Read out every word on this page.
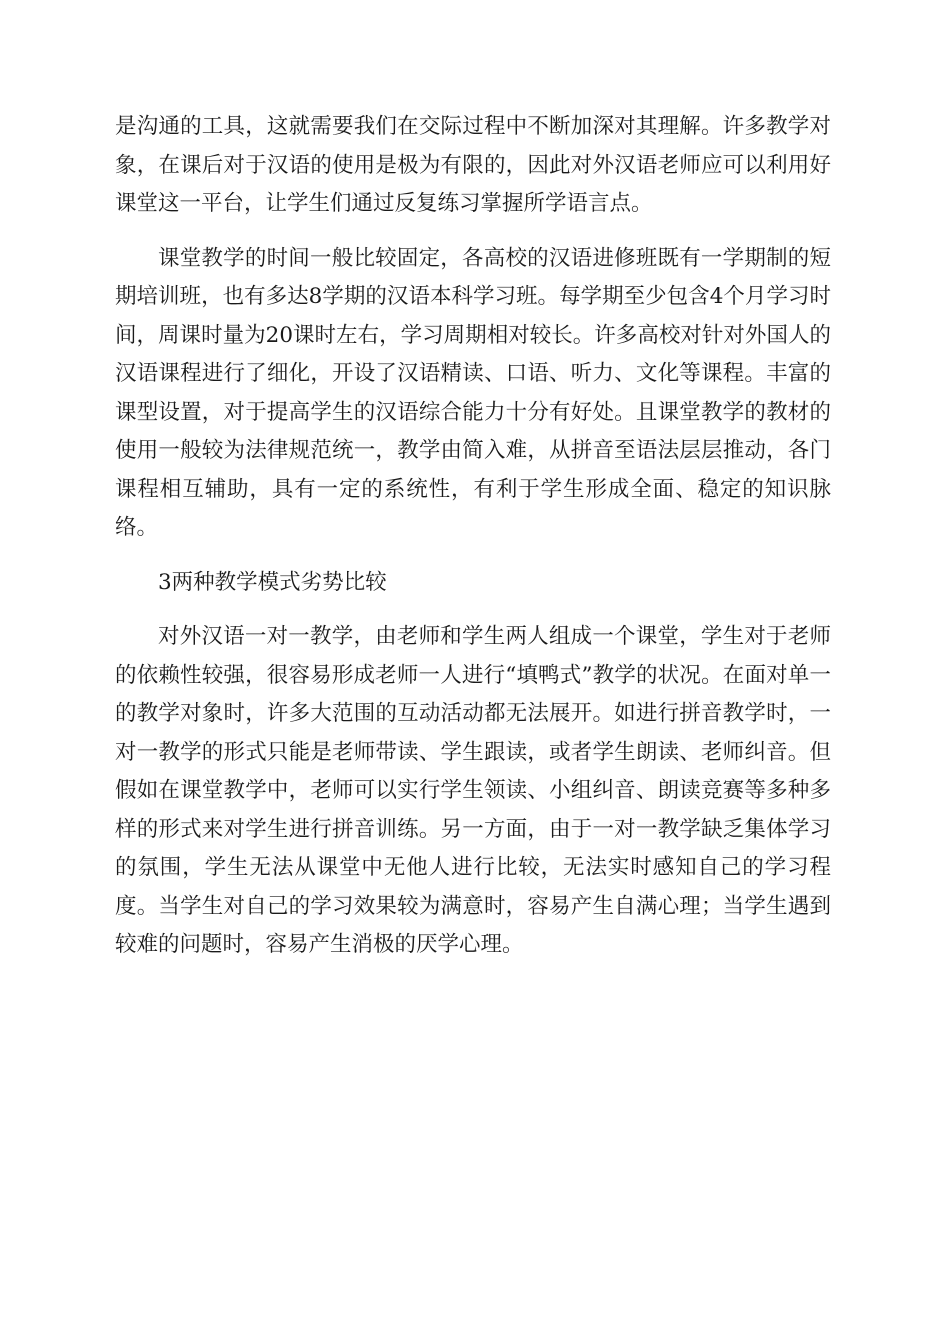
是沟通的工具，这就需要我们在交际过程中不断加深对其理解。许多教学对象，在课后对于汉语的使用是极为有限的，因此对外汉语老师应可以利用好课堂这一平台，让学生们通过反复练习掌握所学语言点。

课堂教学的时间一般比较固定，各高校的汉语进修班既有一学期制的短期培训班，也有多达8学期的汉语本科学习班。每学期至少包含4个月学习时间，周课时量为20课时左右，学习周期相对较长。许多高校对针对外国人的汉语课程进行了细化，开设了汉语精读、口语、听力、文化等课程。丰富的课型设置，对于提高学生的汉语综合能力十分有好处。且课堂教学的教材的使用一般较为法律规范统一，教学由简入难，从拼音至语法层层推动，各门课程相互辅助，具有一定的系统性，有利于学生形成全面、稳定的知识脉络。

3两种教学模式劣势比较

对外汉语一对一教学，由老师和学生两人组成一个课堂，学生对于老师的依赖性较强，很容易形成老师一人进行“填鸭式”教学的状况。在面对单一的教学对象时，许多大范围的互动活动都无法展开。如进行拼音教学时，一对一教学的形式只能是老师带读、学生跟读，或者学生朗读、老师纠音。但假如在课堂教学中，老师可以实行学生领读、小组纠音、朗读竞赛等多种多样的形式来对学生进行拼音训练。另一方面，由于一对一教学缺乏集体学习的氛围，学生无法从课堂中无他人进行比较，无法实时感知自己的学习程度。当学生对自己的学习效果较为满意时，容易产生自满心理；当学生遇到较难的问题时，容易产生消极的厌学心理。
